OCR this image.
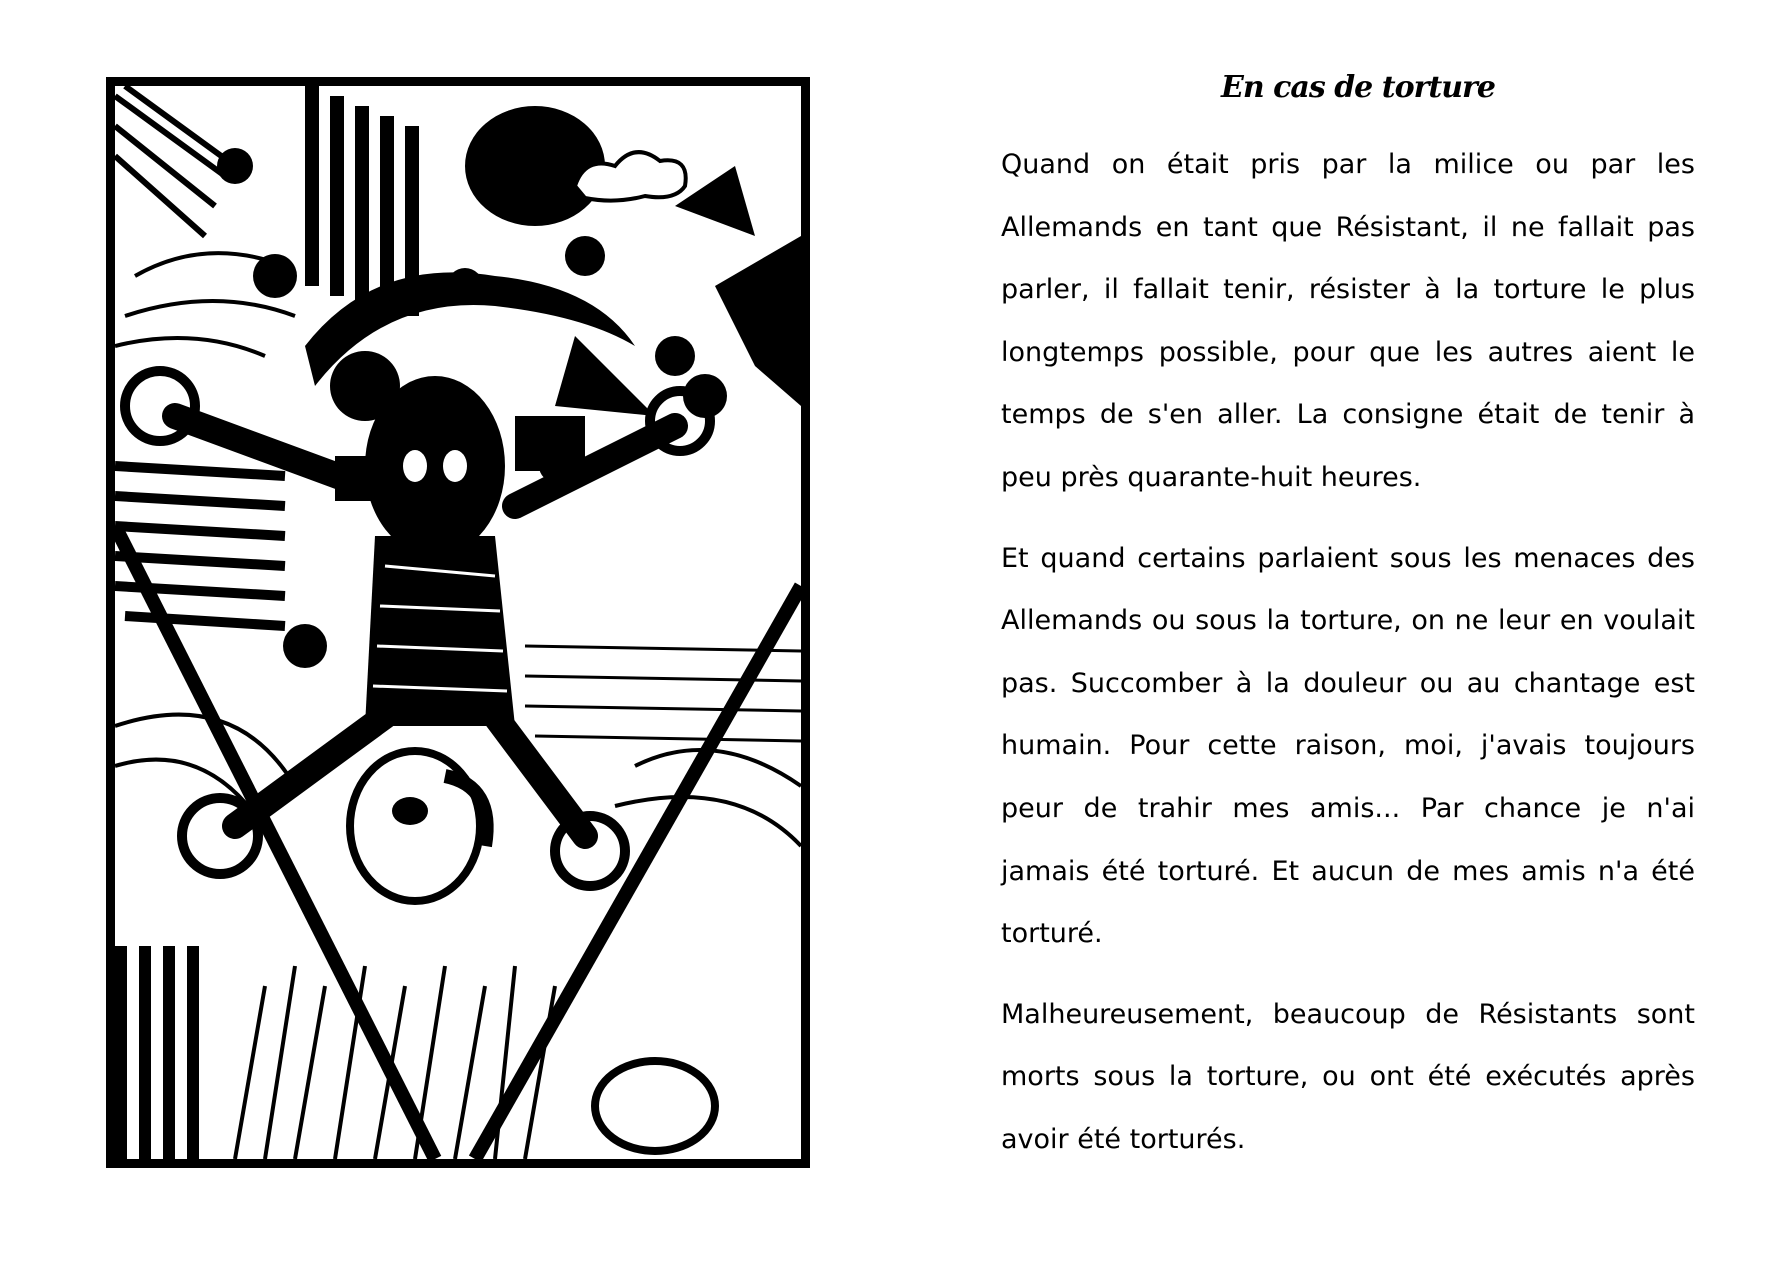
En cas de torture

Quand on était pris par la milice ou par les Allemands en tant que Résistant, il ne fallait pas parler, il fallait tenir, résister à la torture le plus longtemps possible, pour que les autres aient le temps de s'en aller. La consigne était de tenir à peu près quarante-huit heures.

Et quand certains parlaient sous les menaces des Allemands ou sous la torture, on ne leur en voulait pas. Succomber à la douleur ou au chantage est humain. Pour cette raison, moi, j'avais toujours peur de trahir mes amis... Par chance je n'ai jamais été torturé. Et aucun de mes amis n'a été torturé.

Malheureusement, beaucoup de Résistants sont morts sous la torture, ou ont été exécutés après avoir été torturés.
